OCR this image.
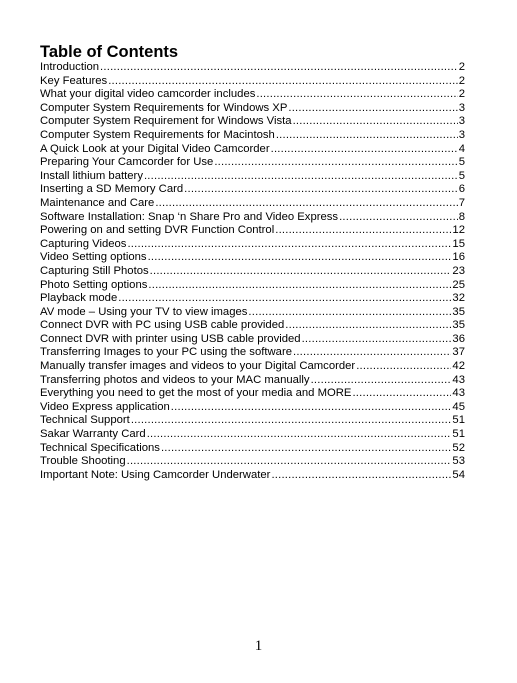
Table of Contents
Introduction .....	2
Key Features .....	2
What your digital video camcorder includes .....	2
Computer System Requirements for Windows XP .....	3
Computer System Requirement for Windows Vista .....	3
Computer System Requirements for Macintosh .....	3
A Quick Look at your Digital Video Camcorder .....	4
Preparing Your Camcorder for Use .....	5
Install lithium battery .....	5
Inserting a SD Memory Card .....	6
Maintenance and Care .....	7
Software Installation: Snap ‘n Share Pro and Video Express .....	8
Powering on and setting DVR Function Control .....	12
Capturing Videos .....	15
Video Setting options .....	16
Capturing Still Photos .....	23
Photo Setting options .....	25
Playback mode .....	32
AV mode – Using your TV to view images .....	35
Connect DVR with PC using USB cable provided .....	35
Connect DVR with printer using USB cable provided .....	36
Transferring Images to your PC using the software .....	37
Manually transfer images and videos to your Digital Camcorder .....	42
Transferring photos and videos to your MAC manually .....	43
Everything you need to get the most of your media and MORE .....	43
Video Express application .....	45
Technical Support .....	51
Sakar Warranty Card .....	51
Technical Specifications .....	52
Trouble Shooting .....	53
Important Note: Using Camcorder Underwater .....	54
1
